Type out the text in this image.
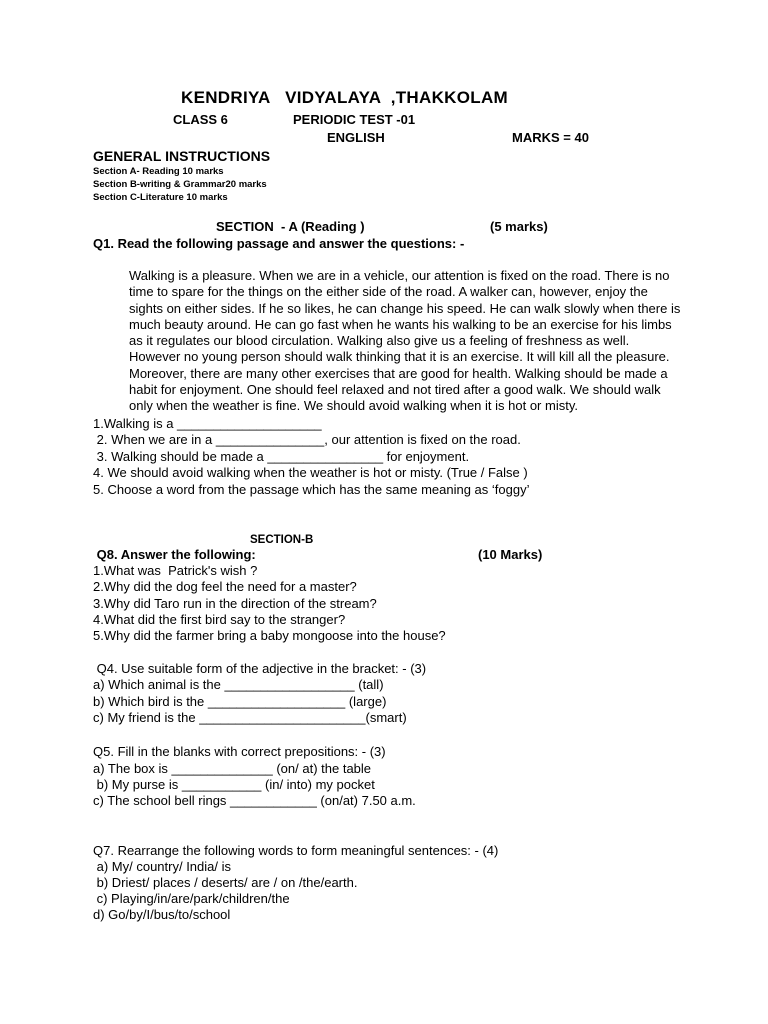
KENDRIYA   VIDYALAYA  ,THAKKOLAM
CLASS 6	PERIODIC TEST -01
ENGLISH	MARKS = 40
GENERAL INSTRUCTIONS
Section A- Reading 10 marks
Section B-writing & Grammar20 marks
Section C-Literature 10 marks
SECTION  - A (Reading )	(5 marks)
Q1. Read the following passage and answer the questions: -

Walking is a pleasure. When we are in a vehicle, our attention is fixed on the road. There is no time to spare for the things on the either side of the road. A walker can, however, enjoy the sights on either sides. If he so likes, he can change his speed. He can walk slowly when there is much beauty around. He can go fast when he wants his walking to be an exercise for his limbs as it regulates our blood circulation. Walking also give us a feeling of freshness as well. However no young person should walk thinking that it is an exercise. It will kill all the pleasure. Moreover, there are many other exercises that are good for health. Walking should be made a habit for enjoyment. One should feel relaxed and not tired after a good walk. We should walk only when the weather is fine. We should avoid walking when it is hot or misty.

1.Walking is a ____________________
2. When we are in a _______________, our attention is fixed on the road.
3. Walking should be made a ________________ for enjoyment.
4. We should avoid walking when the weather is hot or misty. (True / False )
5. Choose a word from the passage which has the same meaning as ‘foggy’
SECTION-B
Q8. Answer the following:	(10 Marks)
1.What was  Patrick's wish ?
2.Why did the dog feel the need for a master?
3.Why did Taro run in the direction of the stream?
4.What did the first bird say to the stranger?
5.Why did the farmer bring a baby mongoose into the house?
Q4. Use suitable form of the adjective in the bracket: - (3)
a) Which animal is the __________________ (tall)
b) Which bird is the ___________________ (large)
c) My friend is the _______________________(smart)
Q5. Fill in the blanks with correct prepositions: - (3)
a) The box is ______________ (on/ at) the table
b) My purse is ___________ (in/ into) my pocket
c) The school bell rings ____________ (on/at) 7.50 a.m.
Q7. Rearrange the following words to form meaningful sentences: - (4)
a) My/ country/ India/ is
b) Driest/ places / deserts/ are / on /the/earth.
c) Playing/in/are/park/children/the
d) Go/by/I/bus/to/school
